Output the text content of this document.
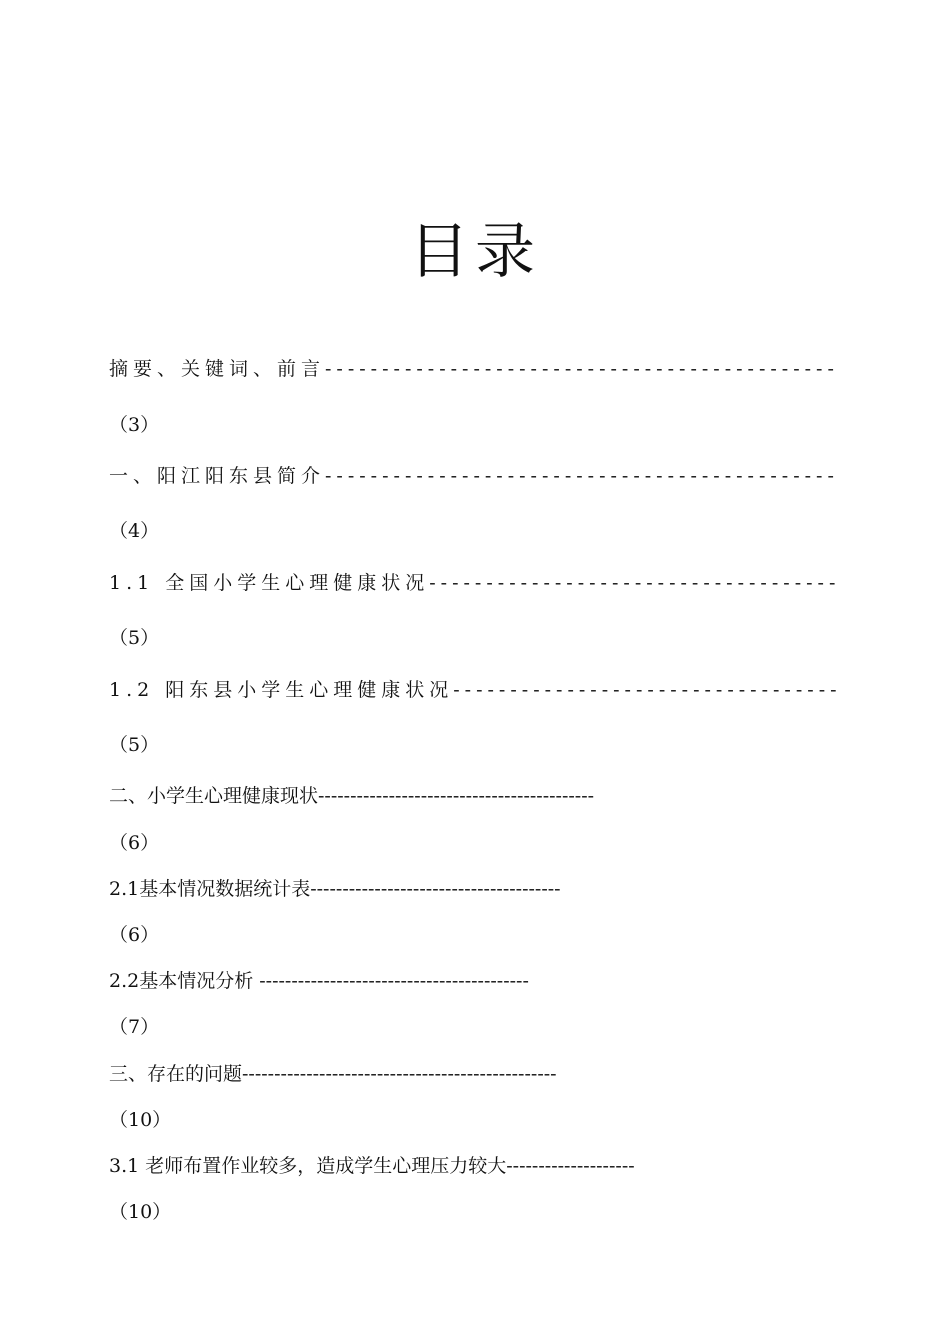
目录
摘要、关键词、前言---------------------------------------------
（3）
一、阳江阳东县简介---------------------------------------------
（4）
1.1 全国小学生心理健康状况------------------------------------
（5）
1.2 阳东县小学生心理健康状况----------------------------------
（5）
二、小学生心理健康现状-------------------------------------------
（6）
2.1基本情况数据统计表---------------------------------------
（6）
2.2基本情况分析 ------------------------------------------
（7）
三、存在的问题-------------------------------------------------
（10）
3.1 老师布置作业较多，造成学生心理压力较大--------------------
（10）
